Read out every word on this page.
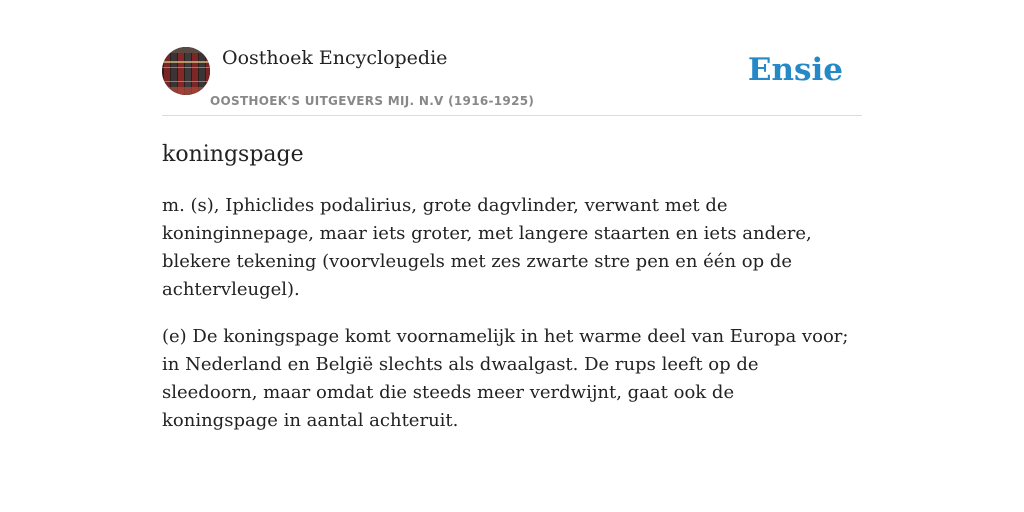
Oosthoek Encyclopedie
OOSTHOEK'S UITGEVERS MIJ. N.V (1916-1925)
Ensie
koningspage

m. (s), Iphiclides podalirius, grote dagvlinder, verwant met de koninginnepage, maar iets groter, met langere staarten en iets andere, blekere tekening (voorvleugels met zes zwarte stre pen en één op de achtervleugel).

(e) De koningspage komt voornamelijk in het warme deel van Europa voor; in Nederland en België slechts als dwaalgast. De rups leeft op de sleedoorn, maar omdat die steeds meer verdwijnt, gaat ook de koningspage in aantal achteruit.
